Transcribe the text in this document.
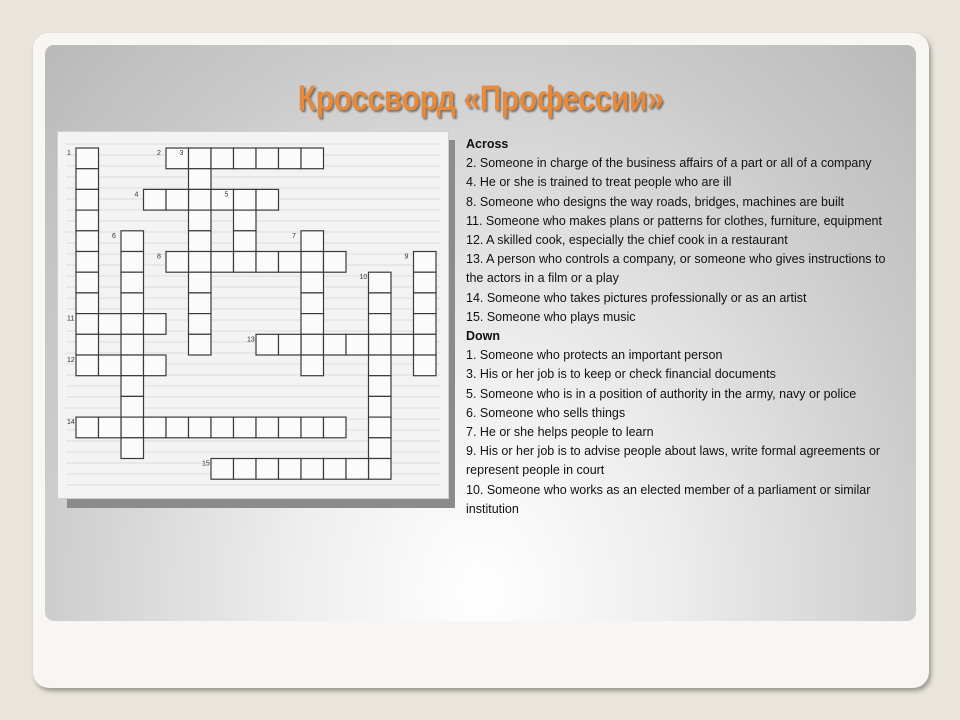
Кроссворд «Профессии»
1	2	3
4	5
6	7
8	9
10
11
12
13
14
15
Across
2. Someone in charge of the business affairs of a part or all of a company
4. He or she is trained to treat people who are ill
8. Someone who designs the way roads, bridges, machines are built
11. Someone who makes plans or patterns for clothes, furniture, equipment
12. A skilled cook, especially the chief cook in a restaurant
13. A person who controls a company, or someone who gives instructions to the actors in a film or a play
14. Someone who takes pictures professionally or as an artist
15. Someone who plays music
Down
1. Someone who protects an important person
3. His or her job is to keep or check financial documents
5. Someone who is in a position of authority in the army, navy or police
6. Someone who sells things
7. He or she helps people to learn
9. His or her job is to advise people about laws, write formal agreements or represent people in court
10. Someone who works as an elected member of a parliament or similar institution
